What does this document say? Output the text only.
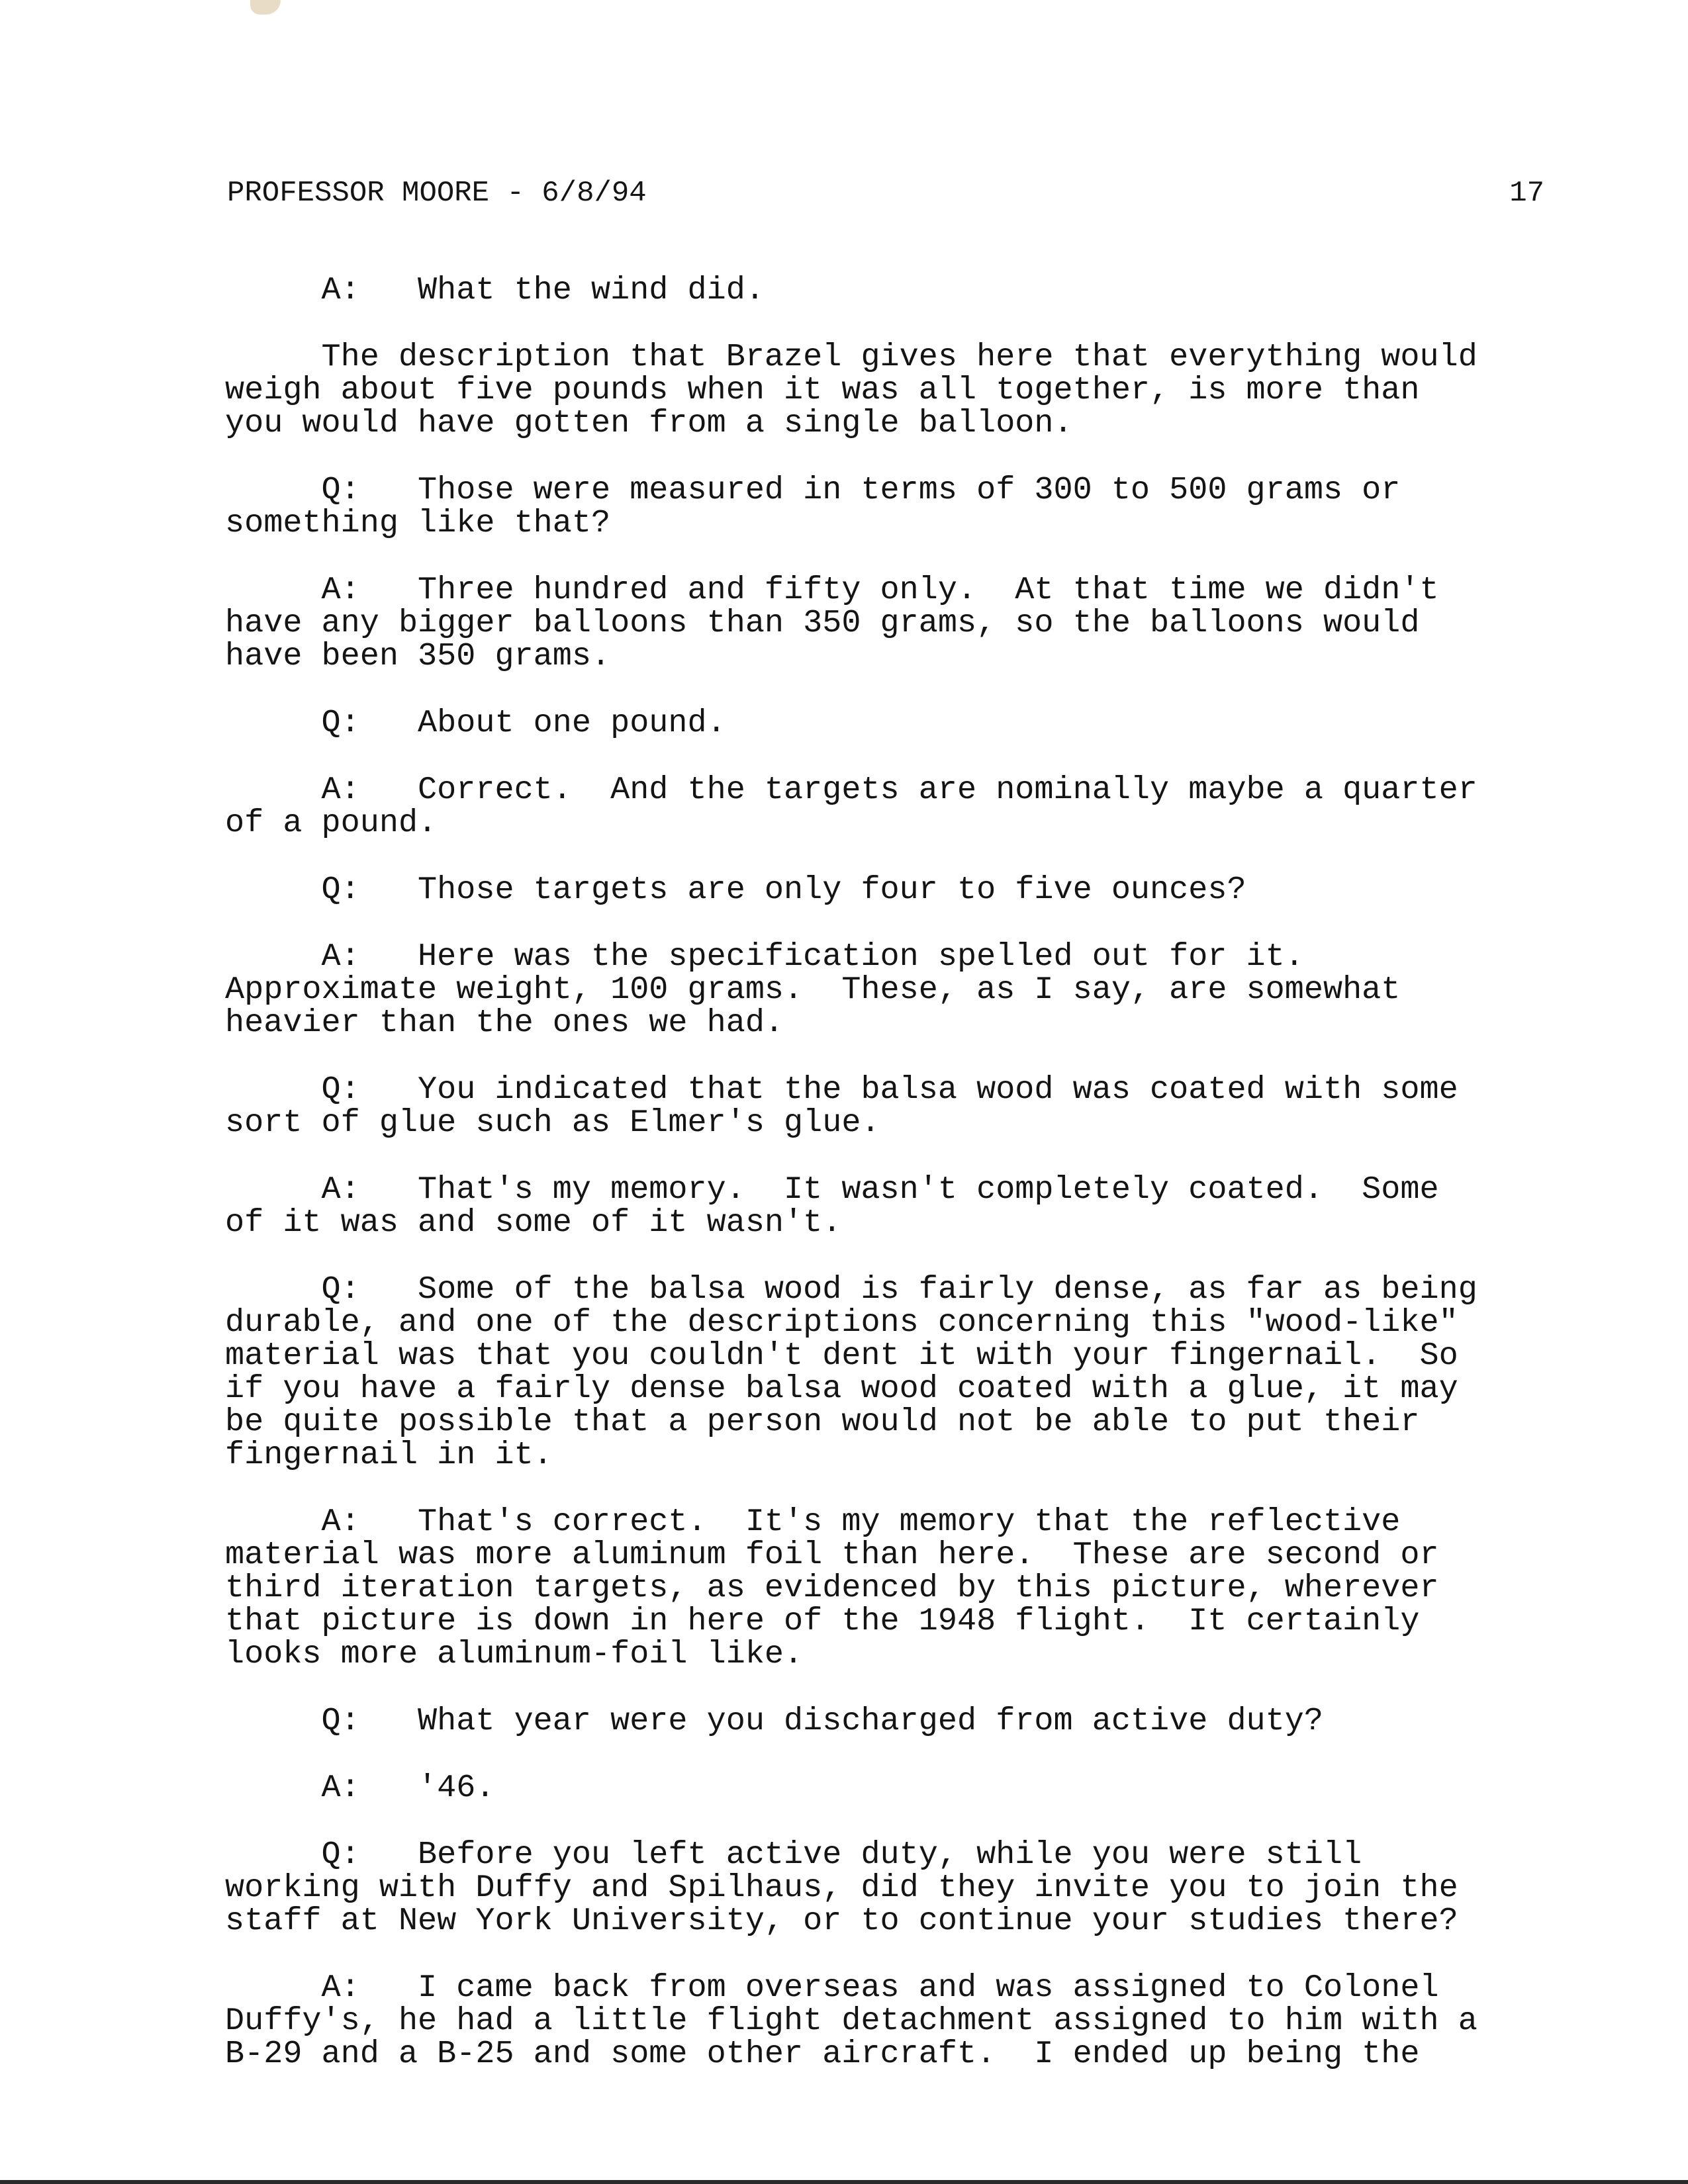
PROFESSOR MOORE - 6/8/94	17
A:   What the wind did.
The description that Brazel gives here that everything would
weigh about five pounds when it was all together, is more than
you would have gotten from a single balloon.
Q:   Those were measured in terms of 300 to 500 grams or
something like that?
A:   Three hundred and fifty only.  At that time we didn't
have any bigger balloons than 350 grams, so the balloons would
have been 350 grams.
Q:   About one pound.
A:   Correct.  And the targets are nominally maybe a quarter
of a pound.
Q:   Those targets are only four to five ounces?
A:   Here was the specification spelled out for it.
Approximate weight, 100 grams.  These, as I say, are somewhat
heavier than the ones we had.
Q:   You indicated that the balsa wood was coated with some
sort of glue such as Elmer's glue.
A:   That's my memory.  It wasn't completely coated.  Some
of it was and some of it wasn't.
Q:   Some of the balsa wood is fairly dense, as far as being
durable, and one of the descriptions concerning this "wood-like"
material was that you couldn't dent it with your fingernail.  So
if you have a fairly dense balsa wood coated with a glue, it may
be quite possible that a person would not be able to put their
fingernail in it.
A:   That's correct.  It's my memory that the reflective
material was more aluminum foil than here.  These are second or
third iteration targets, as evidenced by this picture, wherever
that picture is down in here of the 1948 flight.  It certainly
looks more aluminum-foil like.
Q:   What year were you discharged from active duty?
A:   '46.
Q:   Before you left active duty, while you were still
working with Duffy and Spilhaus, did they invite you to join the
staff at New York University, or to continue your studies there?
A:   I came back from overseas and was assigned to Colonel
Duffy's, he had a little flight detachment assigned to him with a
B-29 and a B-25 and some other aircraft.  I ended up being the
